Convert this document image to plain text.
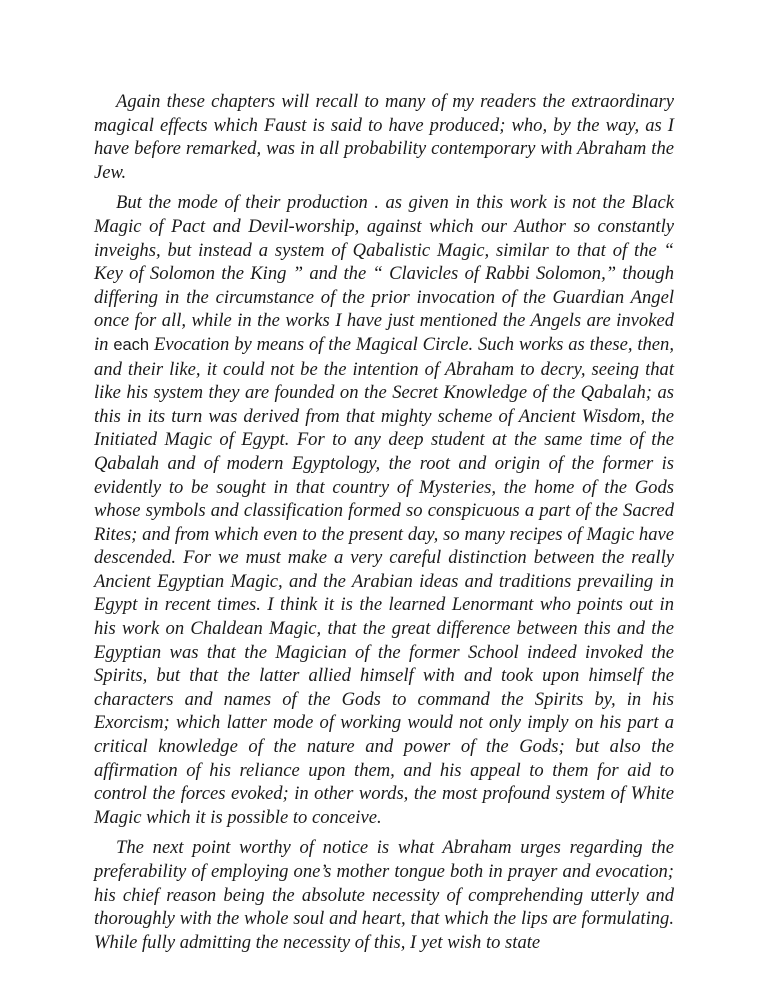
Again these chapters will recall to many of my readers the extraordinary magical effects which Faust is said to have produced; who, by the way, as I have before remarked, was in all probability contemporary with Abraham the Jew.

But the mode of their production . as given in this work is not the Black Magic of Pact and Devil-worship, against which our Author so constantly inveighs, but instead a system of Qabalistic Magic, similar to that of the “ Key of Solomon the King ” and the “ Clavicles of Rabbi Solomon,” though differing in the circumstance of the prior invocation of the Guardian Angel once for all, while in the works I have just mentioned the Angels are invoked in each Evocation by means of the Magical Circle. Such works as these, then, and their like, it could not be the intention of Abraham to decry, seeing that like his system they are founded on the Secret Knowledge of the Qabalah; as this in its turn was derived from that mighty scheme of Ancient Wisdom, the Initiated Magic of Egypt. For to any deep student at the same time of the Qabalah and of modern Egyptology, the root and origin of the former is evidently to be sought in that country of Mysteries, the home of the Gods whose symbols and classification formed so conspicuous a part of the Sacred Rites; and from which even to the present day, so many recipes of Magic have descended. For we must make a very careful distinction between the really Ancient Egyptian Magic, and the Arabian ideas and traditions prevailing in Egypt in recent times. I think it is the learned Lenormant who points out in his work on Chaldean Magic, that the great difference between this and the Egyptian was that the Magician of the former School indeed invoked the Spirits, but that the latter allied himself with and took upon himself the characters and names of the Gods to command the Spirits by, in his Exorcism; which latter mode of working would not only imply on his part a critical knowledge of the nature and power of the Gods; but also the affirmation of his reliance upon them, and his appeal to them for aid to control the forces evoked; in other words, the most profound system of White Magic which it is possible to conceive.

The next point worthy of notice is what Abraham urges regarding the preferability of employing one’s mother tongue both in prayer and evocation; his chief reason being the absolute necessity of comprehending utterly and thoroughly with the whole soul and heart, that which the lips are formulating. While fully admitting the necessity of this, I yet wish to state
